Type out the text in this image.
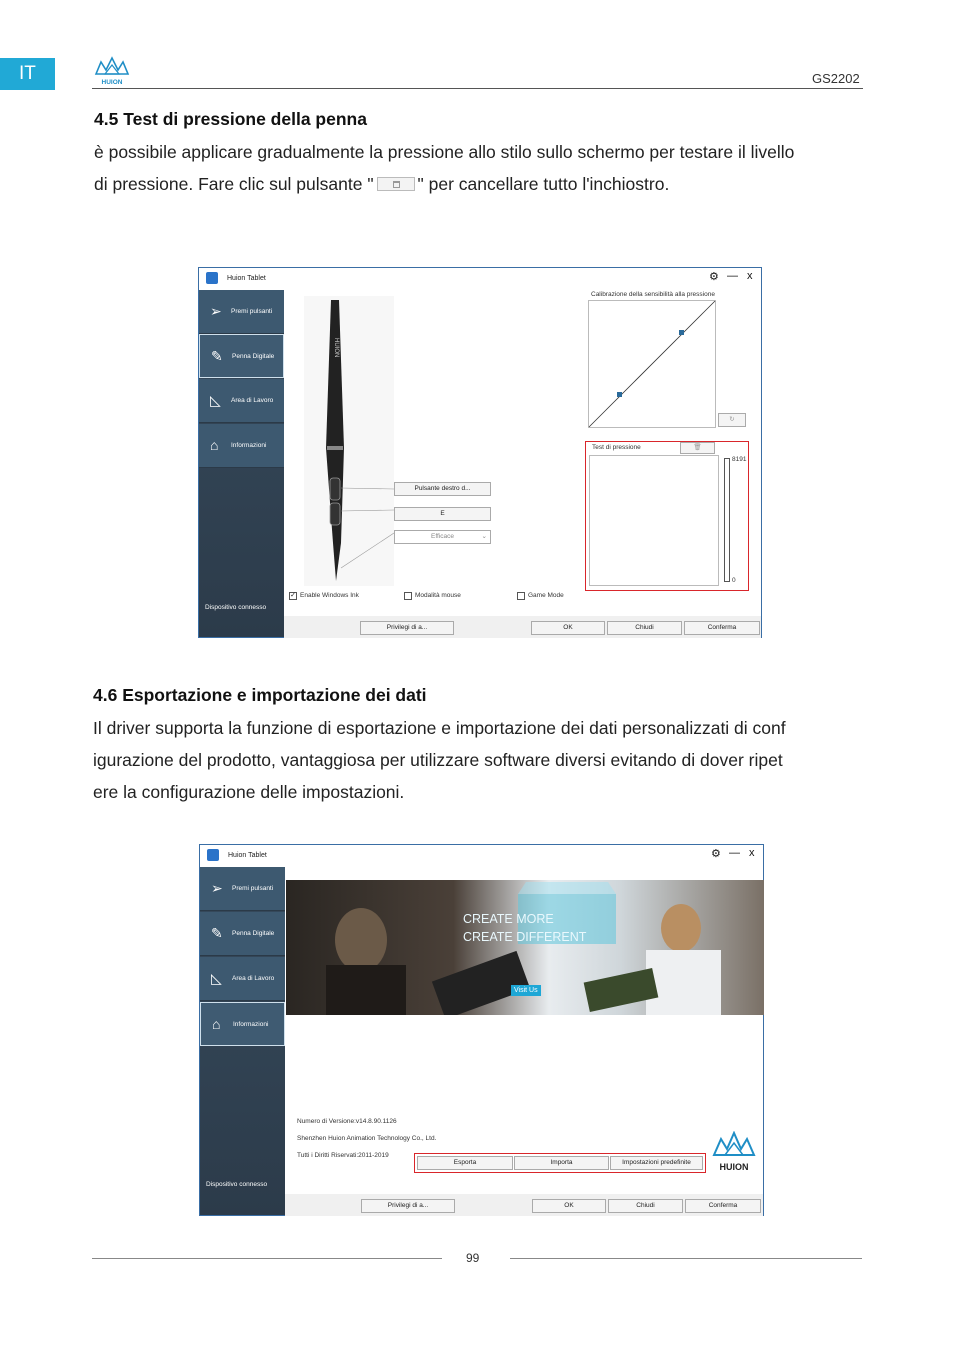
IT	HUION	GS2202
4.5 Test di pressione della penna

è possibile applicare gradualmente la pressione allo stilo sullo schermo per testare il livello
di pressione. Fare clic sul pulsante "	" per cancellare tutto l'inchiostro.

Huion Tablet	⚙ — x
➢ Premi pulsanti
✎ Penna Digitale
◺ Area di Lavoro
⌂ Informazioni
Dispositivo connesso
HUION
Pulsante destro d...
E
Efficace	⌄
Calibrazione della sensibilità alla pressione
↻
Test di pressione	🗑
8191
0
✓ Enable Windows Ink	Modalità mouse	Game Mode
Privilegi di a...	OK	Chiudi	Conferma
4.6 Esportazione e importazione dei dati

Il driver supporta la funzione di esportazione e importazione dei dati personalizzati di conf
igurazione del prodotto, vantaggiosa per utilizzare software diversi evitando di dover ripet
ere la configurazione delle impostazioni.

Huion Tablet	⚙ — x
➢ Premi pulsanti
✎ Penna Digitale
◺ Area di Lavoro
⌂ Informazioni
Dispositivo connesso
CREATE MORE
CREATE DIFFERENT
Visit Us
Numero di Versione:v14.8.90.1126
Shenzhen Huion Animation Technology Co., Ltd.
Tutti i Diritti Riservati:2011-2019
Esporta	Importa	Impostazioni predefinite	HUION
Privilegi di a...	OK	Chiudi	Conferma
99
